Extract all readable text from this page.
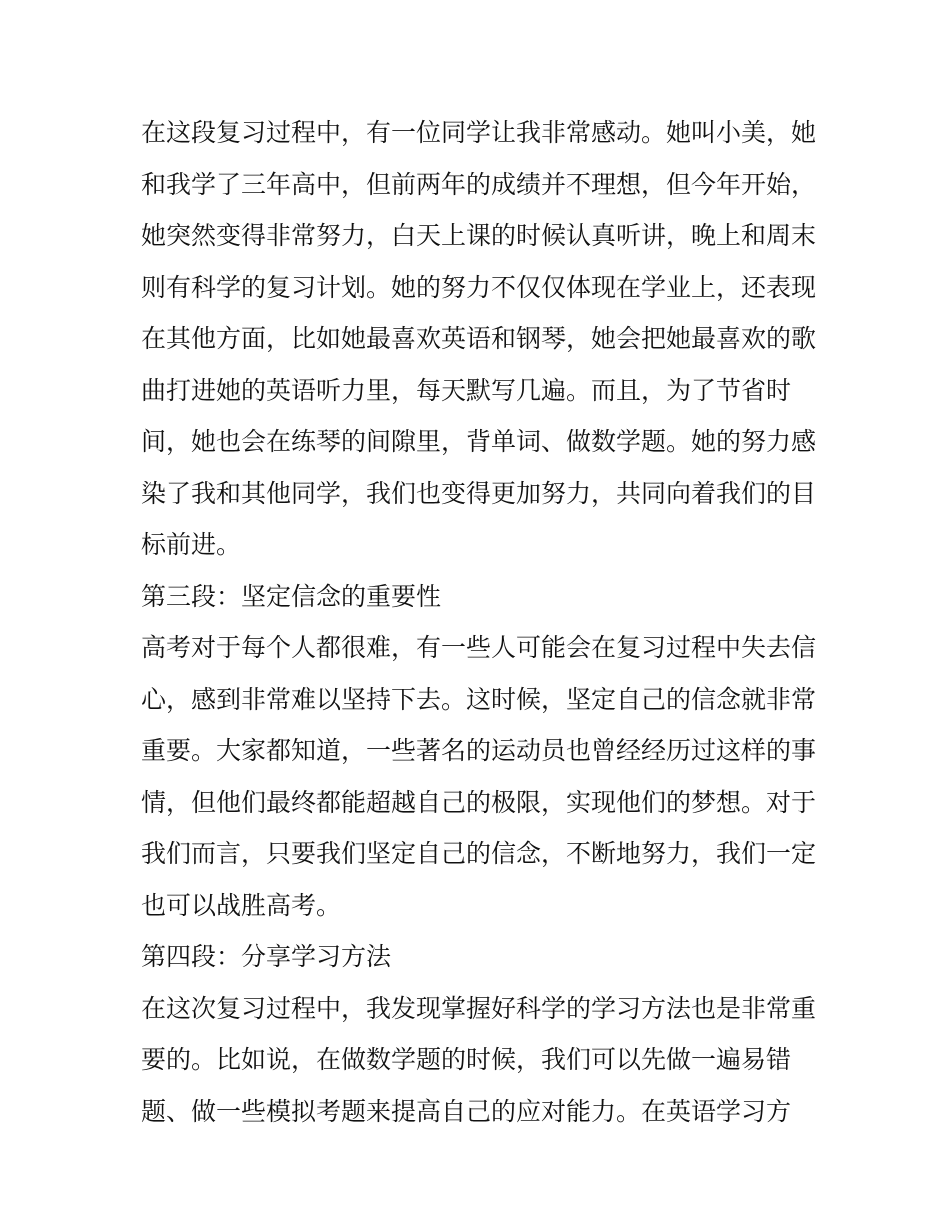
在这段复习过程中，有一位同学让我非常感动。她叫小美，她
和我学了三年高中，但前两年的成绩并不理想，但今年开始，
她突然变得非常努力，白天上课的时候认真听讲，晚上和周末
则有科学的复习计划。她的努力不仅仅体现在学业上，还表现
在其他方面，比如她最喜欢英语和钢琴，她会把她最喜欢的歌
曲打进她的英语听力里，每天默写几遍。而且，为了节省时
间，她也会在练琴的间隙里，背单词、做数学题。她的努力感
染了我和其他同学，我们也变得更加努力，共同向着我们的目
标前进。
第三段：坚定信念的重要性
高考对于每个人都很难，有一些人可能会在复习过程中失去信
心，感到非常难以坚持下去。这时候，坚定自己的信念就非常
重要。大家都知道，一些著名的运动员也曾经经历过这样的事
情，但他们最终都能超越自己的极限，实现他们的梦想。对于
我们而言，只要我们坚定自己的信念，不断地努力，我们一定
也可以战胜高考。
第四段：分享学习方法
在这次复习过程中，我发现掌握好科学的学习方法也是非常重
要的。比如说，在做数学题的时候，我们可以先做一遍易错
题、做一些模拟考题来提高自己的应对能力。在英语学习方
